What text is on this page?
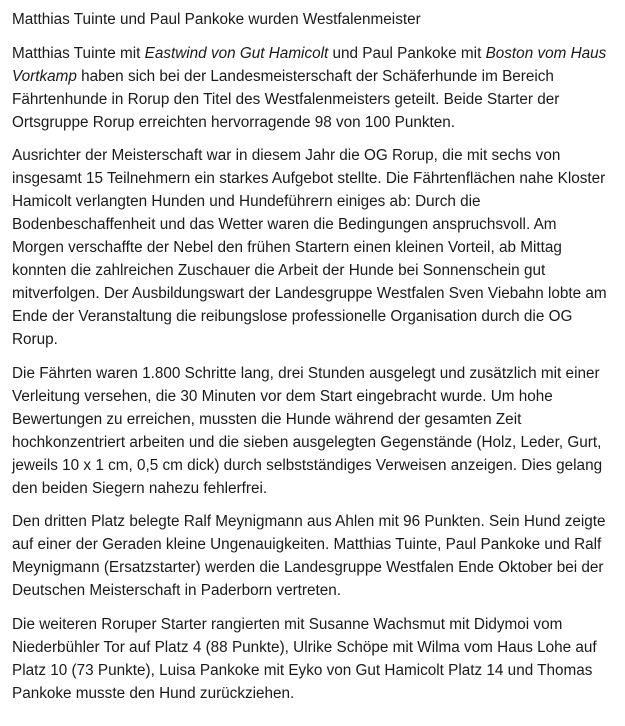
Matthias Tuinte und Paul Pankoke wurden Westfalenmeister

Matthias Tuinte mit Eastwind von Gut Hamicolt und Paul Pankoke mit Boston vom Haus Vortkamp haben sich bei der Landesmeisterschaft der Schäferhunde im Bereich Fährtenhunde in Rorup den Titel des Westfalenmeisters geteilt. Beide Starter der Ortsgruppe Rorup erreichten hervorragende 98 von 100 Punkten.

Ausrichter der Meisterschaft war in diesem Jahr die OG Rorup, die mit sechs von insgesamt 15 Teilnehmern ein starkes Aufgebot stellte. Die Fährtenflächen nahe Kloster Hamicolt verlangten Hunden und Hundeführern einiges ab: Durch die Bodenbeschaffenheit und das Wetter waren die Bedingungen anspruchsvoll. Am Morgen verschaffte der Nebel den frühen Startern einen kleinen Vorteil, ab Mittag konnten die zahlreichen Zuschauer die Arbeit der Hunde bei Sonnenschein gut mitverfolgen. Der Ausbildungswart der Landesgruppe Westfalen Sven Viebahn lobte am Ende der Veranstaltung die reibungslose professionelle Organisation durch die OG Rorup.

Die Fährten waren 1.800 Schritte lang, drei Stunden ausgelegt und zusätzlich mit einer Verleitung versehen, die 30 Minuten vor dem Start eingebracht wurde. Um hohe Bewertungen zu erreichen, mussten die Hunde während der gesamten Zeit hochkonzentriert arbeiten und die sieben ausgelegten Gegenstände (Holz, Leder, Gurt, jeweils 10 x 1 cm, 0,5 cm dick) durch selbstständiges Verweisen anzeigen. Dies gelang den beiden Siegern nahezu fehlerfrei.

Den dritten Platz belegte Ralf Meynigmann aus Ahlen mit 96 Punkten. Sein Hund zeigte auf einer der Geraden kleine Ungenauigkeiten. Matthias Tuinte, Paul Pankoke und Ralf Meynigmann (Ersatzstarter) werden die Landesgruppe Westfalen Ende Oktober bei der Deutschen Meisterschaft in Paderborn vertreten.

Die weiteren Roruper Starter rangierten mit Susanne Wachsmut mit Didymoi vom Niederbühler Tor auf Platz 4 (88 Punkte), Ulrike Schöpe mit Wilma vom Haus Lohe auf Platz 10 (73 Punkte), Luisa Pankoke mit Eyko von Gut Hamicolt Platz 14 und Thomas Pankoke musste den Hund zurückziehen.
